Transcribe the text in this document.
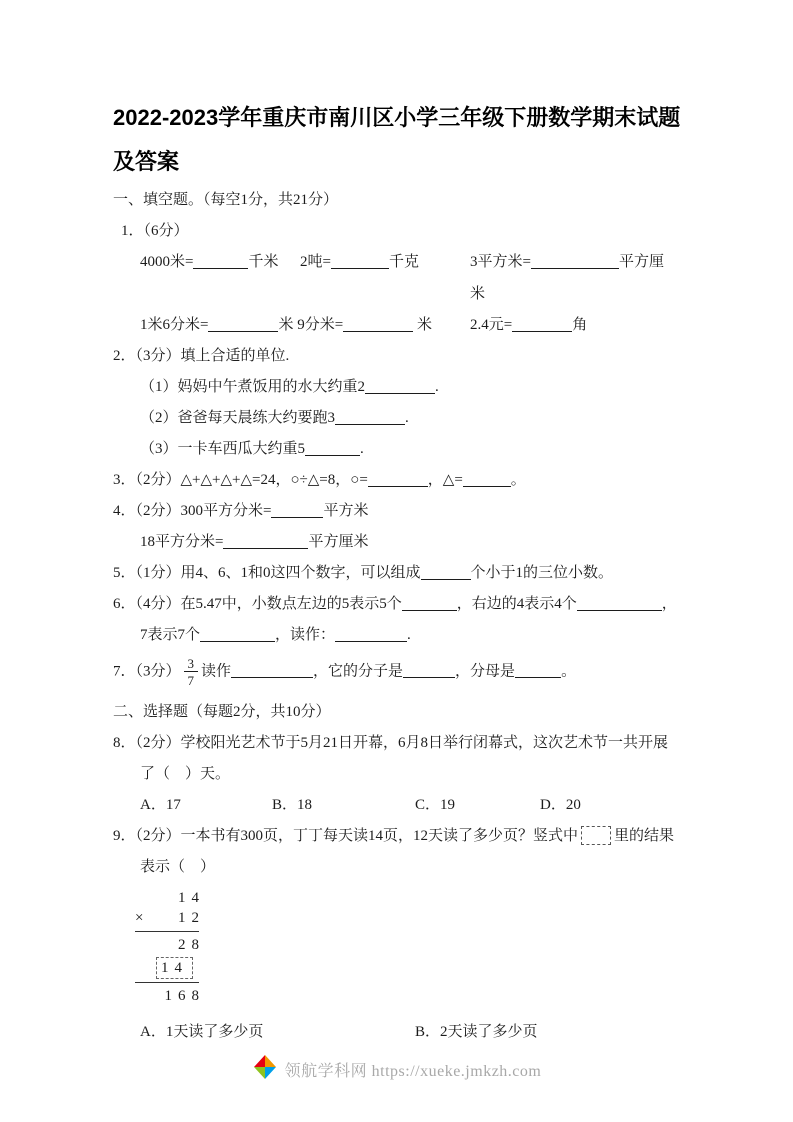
2022-2023学年重庆市南川区小学三年级下册数学期末试题及答案
一、填空题。（每空1分，共21分）
1．（6分）
4000米=	千米	2吨=	千克	3平方米=	平方厘
米
1米6分米=	米 9分米=	米	2.4元=	角
2．（3分）填上合适的单位.
（1）妈妈中午煮饭用的水大约重2	.
（2）爸爸每天晨练大约要跑3	.
（3）一卡车西瓜大约重5	.
3．（2分）△+△+△+△=24，○÷△=8，○=	，△=	。
4．（2分）300平方分米=	平方米
18平方分米=	平方厘米
5．（1分）用4、6、1和0这四个数字，可以组成	个小于1的三位小数。
6．（4分）在5.47中，小数点左边的5表示5个	，右边的4表示4个	，
7表示7个	，读作：	.
7．（3分） $\frac{3}{7}$ 读作	，它的分子是	，分母是	。
二、选择题（每题2分，共10分）
8．（2分）学校阳光艺术节于5月21日开幕，6月8日举行闭幕式，这次艺术节一共开展
了（　）天。
A．17	B．18	C．19	D．20
9．（2分）一本书有300页，丁丁每天读14页，12天读了多少页？竖式中 里的结果
表示（　）
14
× 12
28
14
168
A．1天读了多少页	B．2天读了多少页
领航学科网 https://xueke.jmkzh.com
